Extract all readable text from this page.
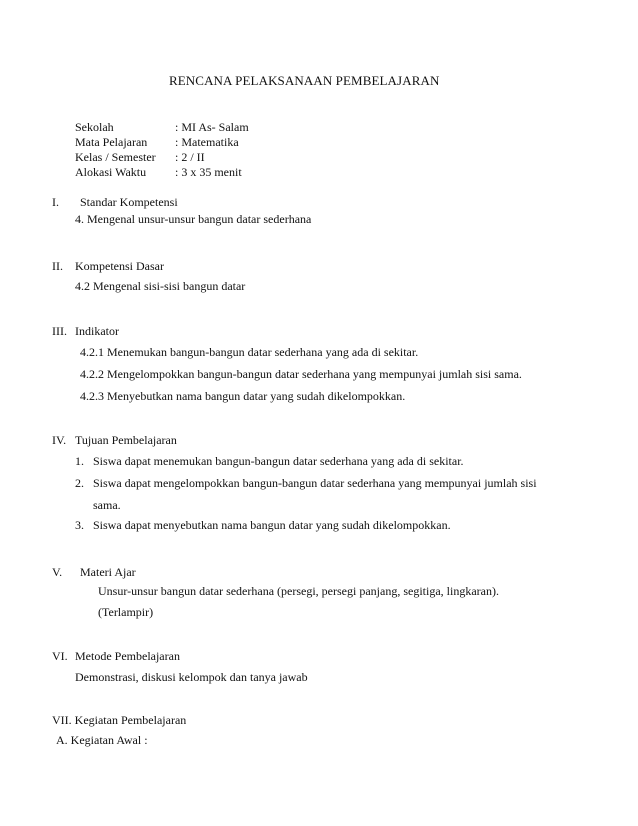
RENCANA PELAKSANAAN PEMBELAJARAN
Sekolah	: MI As- Salam
Mata Pelajaran : Matematika
Kelas / Semester : 2 / II
Alokasi Waktu : 3 x 35 menit
I. Standar Kompetensi
4. Mengenal unsur-unsur bangun datar sederhana
II. Kompetensi Dasar
4.2 Mengenal sisi-sisi bangun datar
III. Indikator
4.2.1 Menemukan bangun-bangun datar sederhana yang ada di sekitar.
4.2.2 Mengelompokkan bangun-bangun datar sederhana yang mempunyai jumlah sisi sama.
4.2.3 Menyebutkan nama bangun datar yang sudah dikelompokkan.
IV. Tujuan Pembelajaran
1. Siswa dapat menemukan bangun-bangun datar sederhana yang ada di sekitar.
2. Siswa dapat mengelompokkan bangun-bangun datar sederhana yang mempunyai jumlah sisi
sama.
3. Siswa dapat menyebutkan nama bangun datar yang sudah dikelompokkan.
V. Materi Ajar
Unsur-unsur bangun datar sederhana (persegi, persegi panjang, segitiga, lingkaran).
(Terlampir)
VI. Metode Pembelajaran
Demonstrasi, diskusi kelompok dan tanya jawab
VII. Kegiatan Pembelajaran
A. Kegiatan Awal :
